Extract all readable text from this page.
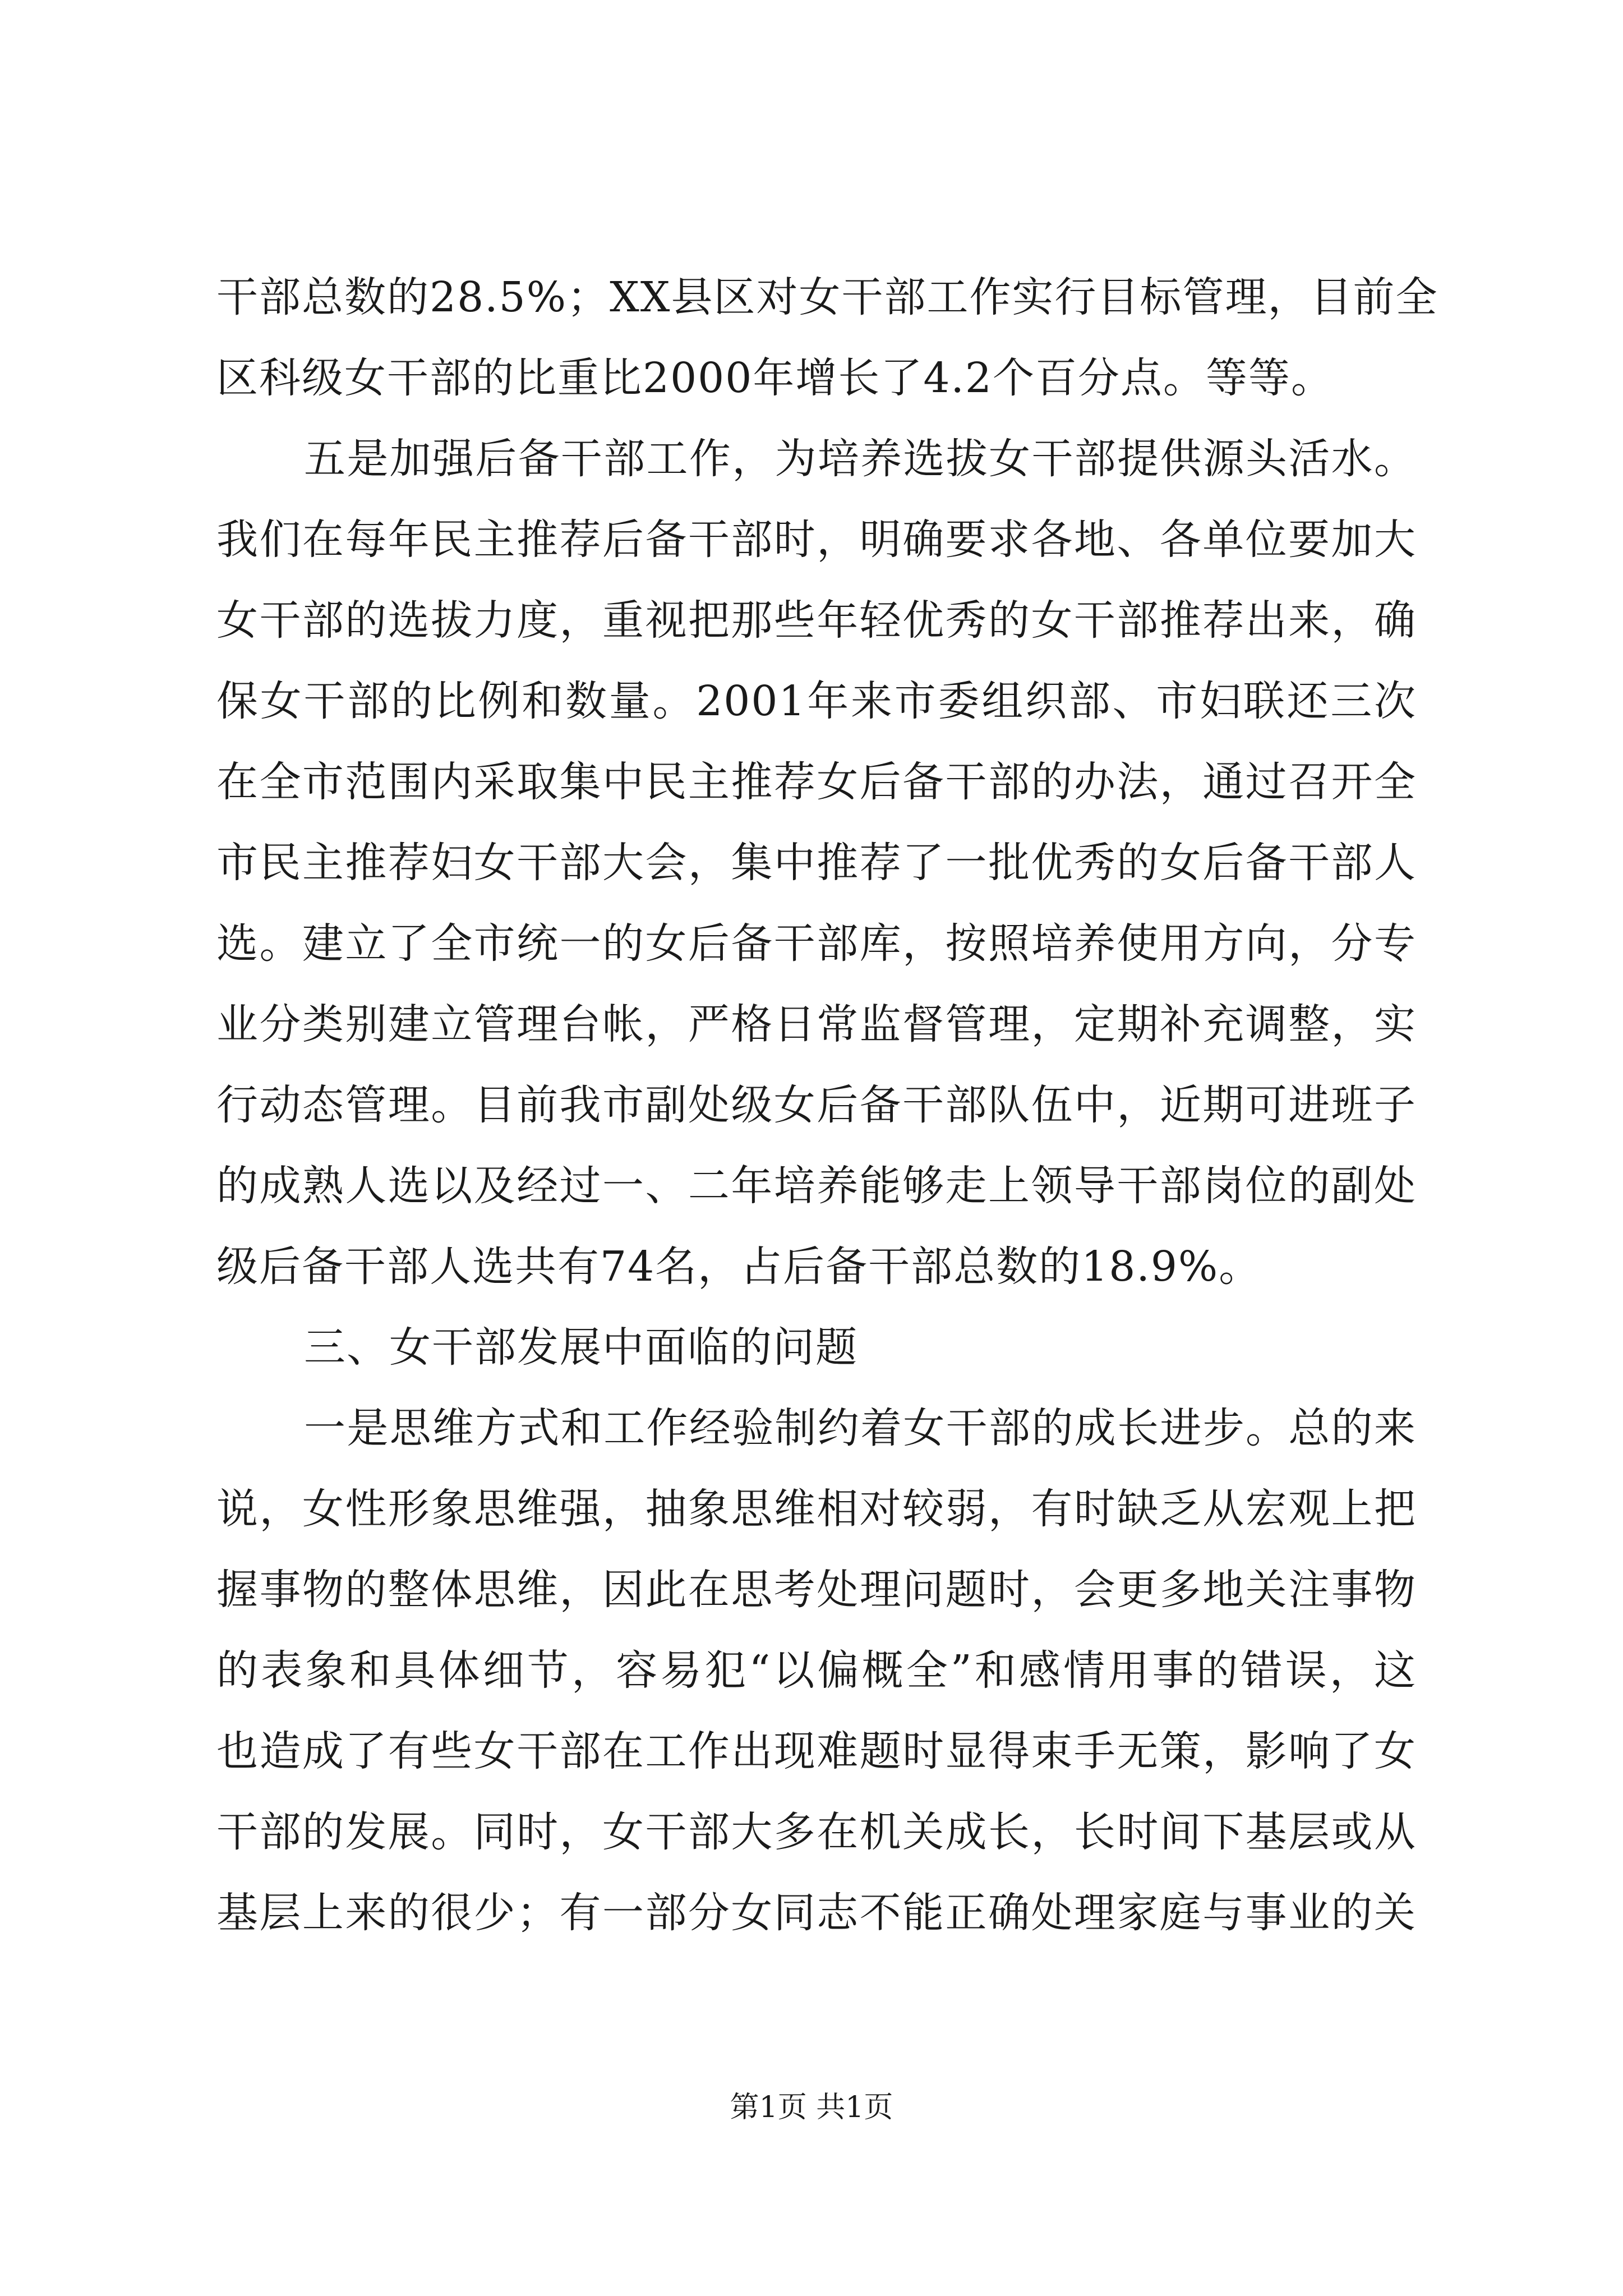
干部总数的28.5%；XX县区对女干部工作实行目标管理，目前全
区科级女干部的比重比2000年增长了4.2个百分点。等等。
五是加强后备干部工作，为培养选拔女干部提供源头活水。
我们在每年民主推荐后备干部时，明确要求各地、各单位要加大
女干部的选拔力度，重视把那些年轻优秀的女干部推荐出来，确
保女干部的比例和数量。2001年来市委组织部、市妇联还三次
在全市范围内采取集中民主推荐女后备干部的办法，通过召开全
市民主推荐妇女干部大会，集中推荐了一批优秀的女后备干部人
选。建立了全市统一的女后备干部库，按照培养使用方向，分专
业分类别建立管理台帐，严格日常监督管理，定期补充调整，实
行动态管理。目前我市副处级女后备干部队伍中，近期可进班子
的成熟人选以及经过一、二年培养能够走上领导干部岗位的副处
级后备干部人选共有74名，占后备干部总数的18.9%。
三、女干部发展中面临的问题
一是思维方式和工作经验制约着女干部的成长进步。总的来
说，女性形象思维强，抽象思维相对较弱，有时缺乏从宏观上把
握事物的整体思维，因此在思考处理问题时，会更多地关注事物
的表象和具体细节，容易犯“以偏概全”和感情用事的错误，这
也造成了有些女干部在工作出现难题时显得束手无策，影响了女
干部的发展。同时，女干部大多在机关成长，长时间下基层或从
基层上来的很少；有一部分女同志不能正确处理家庭与事业的关
第1页 共1页
